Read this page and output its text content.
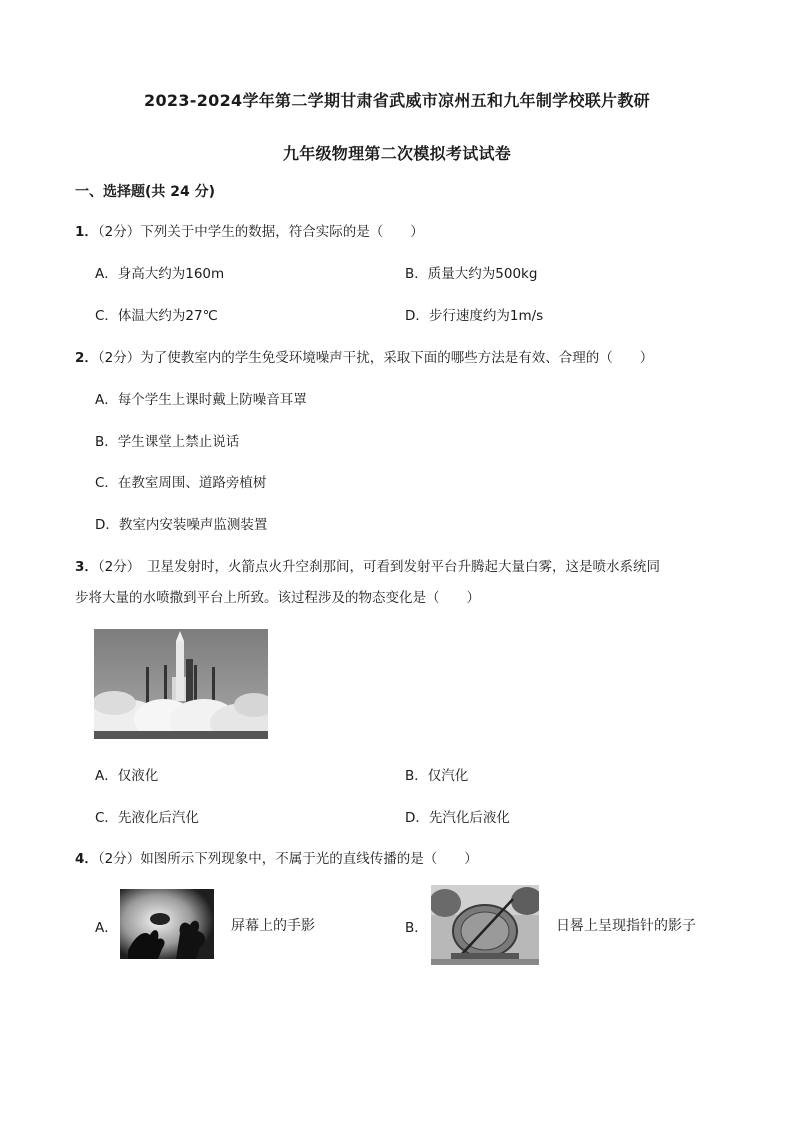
2023-2024学年第二学期甘肃省武威市凉州五和九年制学校联片教研
九年级物理第二次模拟考试试卷
一、选择题(共 24 分)
1．（2分）下列关于中学生的数据，符合实际的是（　　）
A．身高大约为160m	B．质量大约为500kg
C．体温大约为27℃	D．步行速度约为1m/s
2．（2分）为了使教室内的学生免受环境噪声干扰，采取下面的哪些方法是有效、合理的（　　）
A．每个学生上课时戴上防噪音耳罩
B．学生课堂上禁止说话
C．在教室周围、道路旁植树
D．教室内安装噪声监测装置
3．（2分）　卫星发射时，火箭点火升空刹那间，可看到发射平台升腾起大量白雾，这是喷水系统同
步将大量的水喷撒到平台上所致。该过程涉及的物态变化是（　　）
A．仅液化	B．仅汽化
C．先液化后汽化	D．先汽化后液化
4．（2分）如图所示下列现象中，不属于光的直线传播的是（　　）
A．	屏幕上的手影	B．	日晷上呈现指针的影子
